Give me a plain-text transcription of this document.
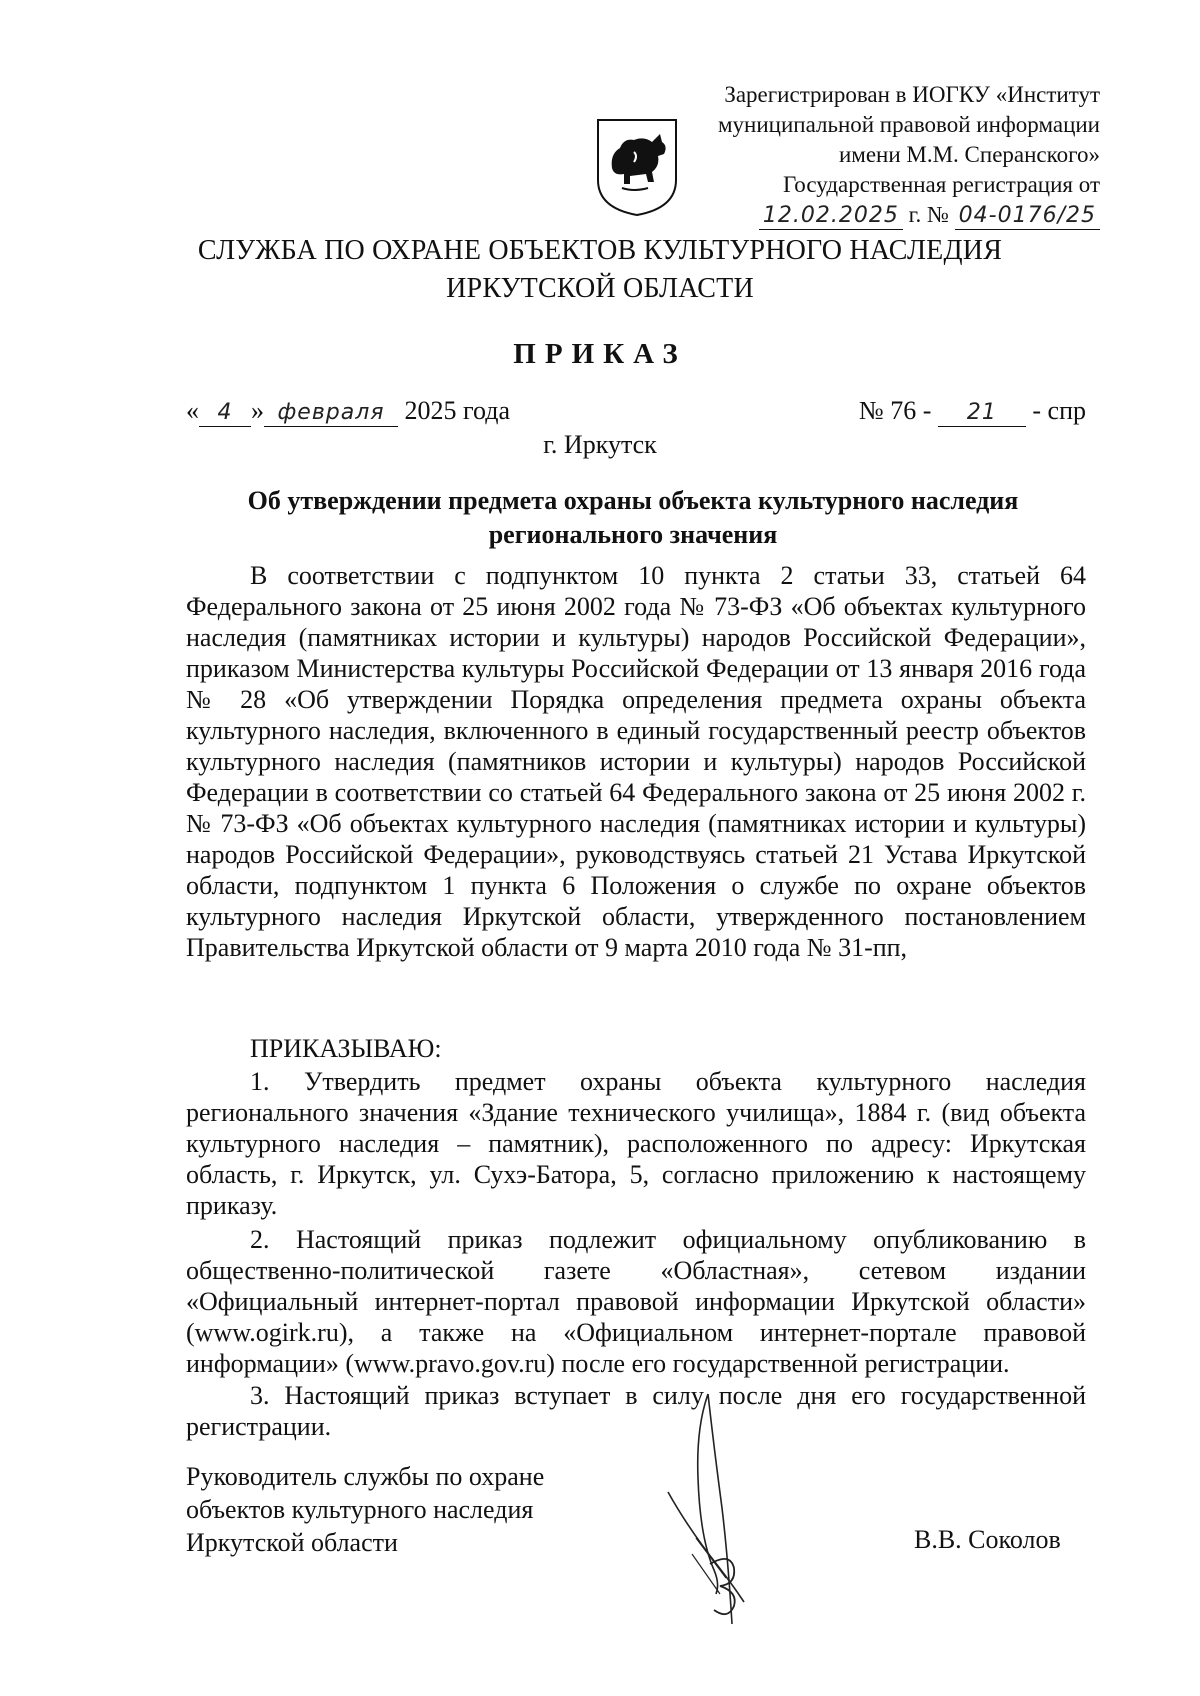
Зарегистрирован в ИОГКУ «Институт
муниципальной правовой информации
имени М.М. Сперанского»
Государственная регистрация от
12.02.2025 г. № 04-0176/25
СЛУЖБА ПО ОХРАНЕ ОБЪЕКТОВ КУЛЬТУРНОГО НАСЛЕДИЯ
ИРКУТСКОЙ ОБЛАСТИ
ПРИКАЗ
« 4 » февраля 2025 года	№ 76 - 21 - спр
г. Иркутск
Об утверждении предмета охраны объекта культурного наследия
регионального значения
В соответствии с подпунктом 10 пункта 2 статьи 33, статьей 64 Федерального закона от 25 июня 2002 года № 73-ФЗ «Об объектах культурного наследия (памятниках истории и культуры) народов Российской Федерации», приказом Министерства культуры Российской Федерации от 13 января 2016 года № 28 «Об утверждении Порядка определения предмета охраны объекта культурного наследия, включенного в единый государственный реестр объектов культурного наследия (памятников истории и культуры) народов Российской Федерации в соответствии со статьей 64 Федерального закона от 25 июня 2002 г. № 73-ФЗ «Об объектах культурного наследия (памятниках истории и культуры) народов Российской Федерации», руководствуясь статьей 21 Устава Иркутской области, подпунктом 1 пункта 6 Положения о службе по охране объектов культурного наследия Иркутской области, утвержденного постановлением Правительства Иркутской области от 9 марта 2010 года № 31-пп,
ПРИКАЗЫВАЮ:
1. Утвердить предмет охраны объекта культурного наследия регионального значения «Здание технического училища», 1884 г. (вид объекта культурного наследия – памятник), расположенного по адресу: Иркутская область, г. Иркутск, ул. Сухэ-Батора, 5, согласно приложению к настоящему приказу.
2. Настоящий приказ подлежит официальному опубликованию в общественно-политической газете «Областная», сетевом издании «Официальный интернет-портал правовой информации Иркутской области» (www.ogirk.ru), а также на «Официальном интернет-портале правовой информации» (www.pravo.gov.ru) после его государственной регистрации.
3. Настоящий приказ вступает в силу после дня его государственной регистрации.
Руководитель службы по охране
объектов культурного наследия
Иркутской области	В.В. Соколов
